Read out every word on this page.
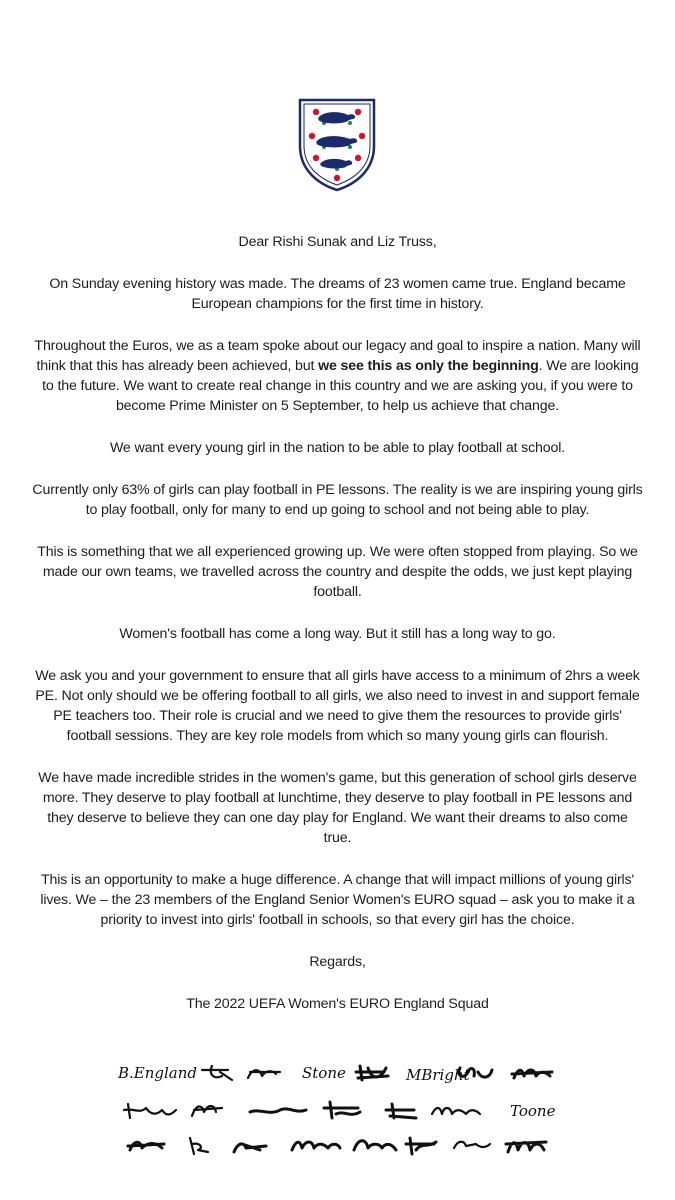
Dear Rishi Sunak and Liz Truss,

On Sunday evening history was made. The dreams of 23 women came true. England became European champions for the first time in history.

Throughout the Euros, we as a team spoke about our legacy and goal to inspire a nation. Many will think that this has already been achieved, but we see this as only the beginning. We are looking to the future. We want to create real change in this country and we are asking you, if you were to become Prime Minister on 5 September, to help us achieve that change.

We want every young girl in the nation to be able to play football at school.

Currently only 63% of girls can play football in PE lessons. The reality is we are inspiring young girls to play football, only for many to end up going to school and not being able to play.

This is something that we all experienced growing up. We were often stopped from playing. So we made our own teams, we travelled across the country and despite the odds, we just kept playing football.

Women's football has come a long way. But it still has a long way to go.

We ask you and your government to ensure that all girls have access to a minimum of 2hrs a week PE. Not only should we be offering football to all girls, we also need to invest in and support female PE teachers too. Their role is crucial and we need to give them the resources to provide girls' football sessions. They are key role models from which so many young girls can flourish.

We have made incredible strides in the women's game, but this generation of school girls deserve more. They deserve to play football at lunchtime, they deserve to play football in PE lessons and they deserve to believe they can one day play for England. We want their dreams to also come true.

This is an opportunity to make a huge difference. A change that will impact millions of young girls' lives. We – the 23 members of the England Senior Women's EURO squad – ask you to make it a priority to invest into girls' football in schools, so that every girl has the choice.

Regards,

The 2022 UEFA Women's EURO England Squad

B.England	Stone	MBright
Toone
